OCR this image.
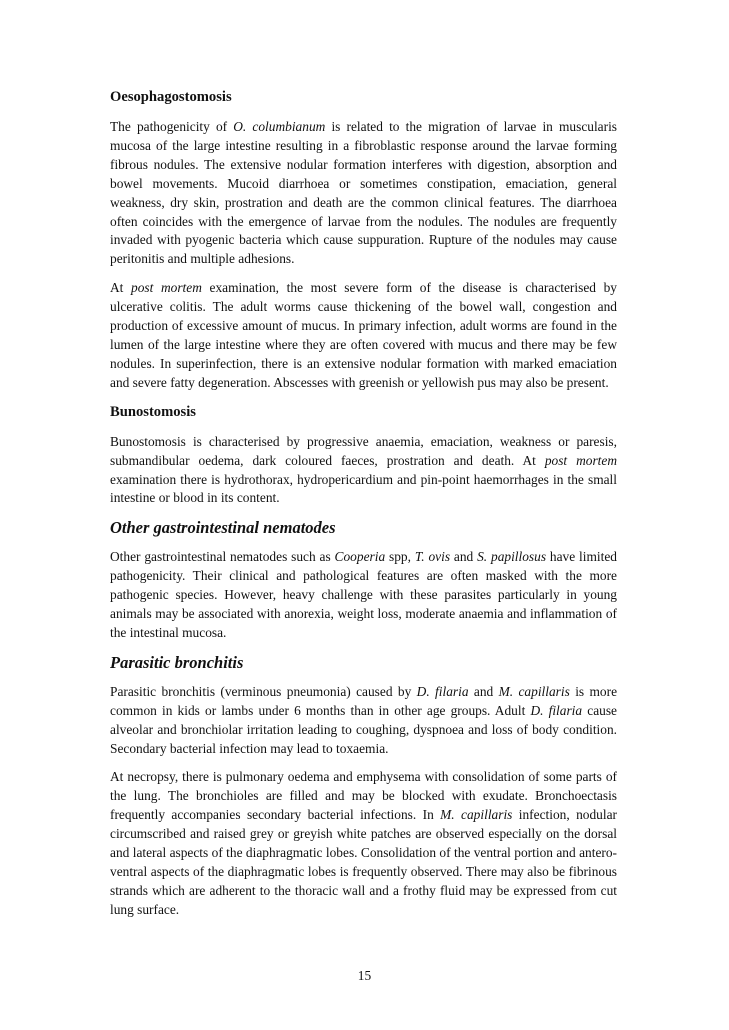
Oesophagostomosis

The pathogenicity of O. columbianum is related to the migration of larvae in muscularis mucosa of the large intestine resulting in a fibroblastic response around the larvae forming fibrous nodules. The extensive nodular formation interferes with digestion, absorption and bowel movements. Mucoid diarrhoea or sometimes constipation, emaciation, general weakness, dry skin, prostration and death are the common clinical features. The diarrhoea often coincides with the emergence of larvae from the nodules. The nodules are frequently invaded with pyogenic bacteria which cause suppuration. Rupture of the nodules may cause peritonitis and multiple adhesions.

At post mortem examination, the most severe form of the disease is characterised by ulcerative colitis. The adult worms cause thickening of the bowel wall, congestion and production of excessive amount of mucus. In primary infection, adult worms are found in the lumen of the large intestine where they are often covered with mucus and there may be few nodules. In superinfection, there is an extensive nodular formation with marked emaciation and severe fatty degeneration. Abscesses with greenish or yellowish pus may also be present.

Bunostomosis

Bunostomosis is characterised by progressive anaemia, emaciation, weakness or paresis, submandibular oedema, dark coloured faeces, prostration and death. At post mortem examination there is hydrothorax, hydropericardium and pin-point haemorrhages in the small intestine or blood in its content.

Other gastrointestinal nematodes

Other gastrointestinal nematodes such as Cooperia spp, T. ovis and S. papillosus have limited pathogenicity. Their clinical and pathological features are often masked with the more pathogenic species. However, heavy challenge with these parasites particularly in young animals may be associated with anorexia, weight loss, moderate anaemia and inflammation of the intestinal mucosa.

Parasitic bronchitis

Parasitic bronchitis (verminous pneumonia) caused by D. filaria and M. capillaris is more common in kids or lambs under 6 months than in other age groups. Adult D. filaria cause alveolar and bronchiolar irritation leading to coughing, dyspnoea and loss of body condition. Secondary bacterial infection may lead to toxaemia.

At necropsy, there is pulmonary oedema and emphysema with consolidation of some parts of the lung. The bronchioles are filled and may be blocked with exudate. Bronchoectasis frequently accompanies secondary bacterial infections. In M. capillaris infection, nodular circumscribed and raised grey or greyish white patches are observed especially on the dorsal and lateral aspects of the diaphragmatic lobes. Consolidation of the ventral portion and antero-ventral aspects of the diaphragmatic lobes is frequently observed. There may also be fibrinous strands which are adherent to the thoracic wall and a frothy fluid may be expressed from cut lung surface.

15
